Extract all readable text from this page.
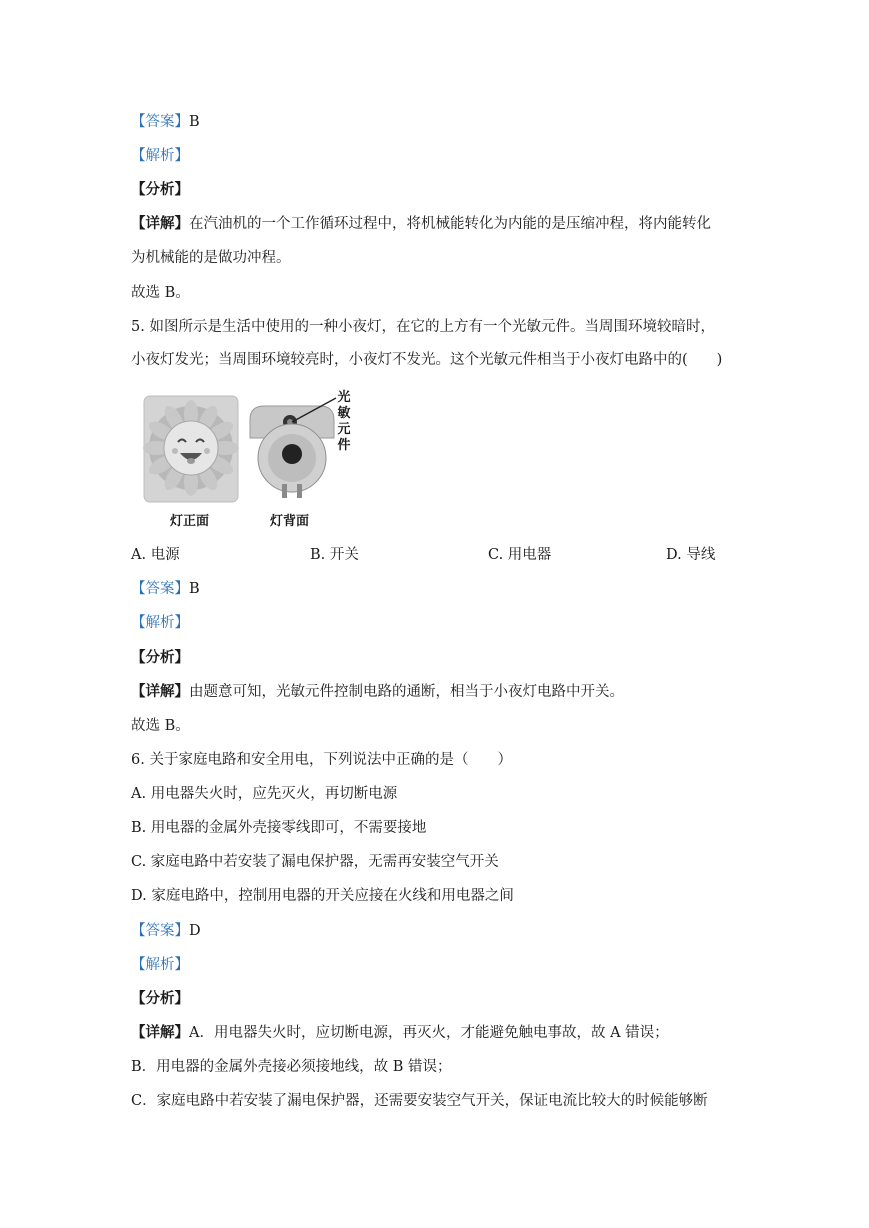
【答案】B
【解析】
【分析】
【详解】在汽油机的一个工作循环过程中，将机械能转化为内能的是压缩冲程，将内能转化
为机械能的是做功冲程。
故选 B。
5. 如图所示是生活中使用的一种小夜灯，在它的上方有一个光敏元件。当周围环境较暗时，
小夜灯发光；当周围环境较亮时，小夜灯不发光。这个光敏元件相当于小夜灯电路中的(　　)
光
敏
元
件
灯正面	灯背面
A. 电源	B. 开关	C. 用电器	D. 导线
【答案】B
【解析】
【分析】
【详解】由题意可知，光敏元件控制电路的通断，相当于小夜灯电路中开关。
故选 B。
6. 关于家庭电路和安全用电，下列说法中正确的是（　　）
A. 用电器失火时，应先灭火，再切断电源
B. 用电器的金属外壳接零线即可，不需要接地
C. 家庭电路中若安装了漏电保护器，无需再安装空气开关
D. 家庭电路中，控制用电器的开关应接在火线和用电器之间
【答案】D
【解析】
【分析】
【详解】A．用电器失火时，应切断电源，再灭火，才能避免触电事故，故 A 错误；
B．用电器的金属外壳接必须接地线，故 B 错误；
C．家庭电路中若安装了漏电保护器，还需要安装空气开关，保证电流比较大的时候能够断
